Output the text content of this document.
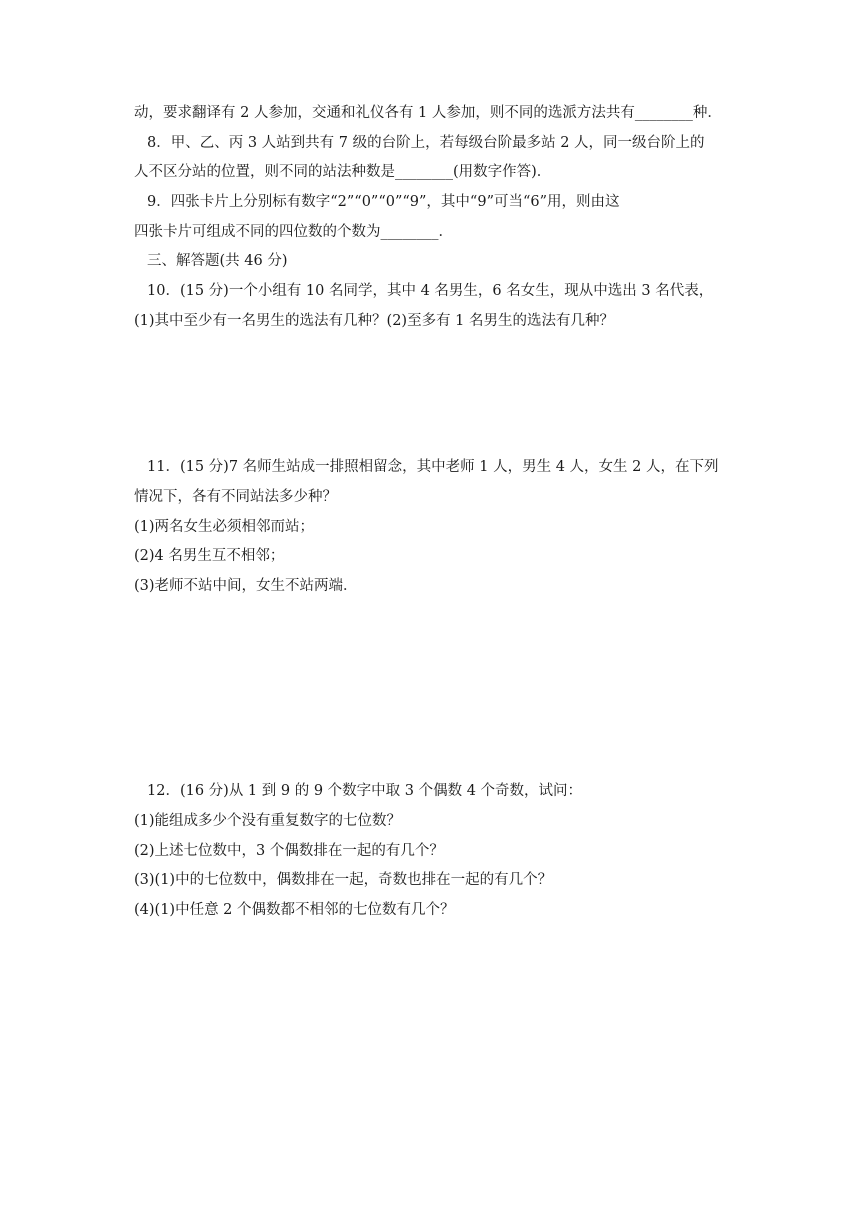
动，要求翻译有 2 人参加，交通和礼仪各有 1 人参加，则不同的选派方法共有________种．
8．甲、乙、丙 3 人站到共有 7 级的台阶上，若每级台阶最多站 2 人，同一级台阶上的
人不区分站的位置，则不同的站法种数是________(用数字作答)．
9．四张卡片上分别标有数字“2”“0”“0”“9”，其中“9”可当“6”用，则由这
四张卡片可组成不同的四位数的个数为________．
三、解答题(共 46 分)
10．(15 分)一个小组有 10 名同学，其中 4 名男生，6 名女生，现从中选出 3 名代表，
(1)其中至少有一名男生的选法有几种？(2)至多有 1 名男生的选法有几种？
11．(15 分)7 名师生站成一排照相留念，其中老师 1 人，男生 4 人，女生 2 人，在下列
情况下，各有不同站法多少种？
(1)两名女生必须相邻而站；
(2)4 名男生互不相邻；
(3)老师不站中间，女生不站两端．
12．(16 分)从 1 到 9 的 9 个数字中取 3 个偶数 4 个奇数，试问：
(1)能组成多少个没有重复数字的七位数？
(2)上述七位数中，3 个偶数排在一起的有几个？
(3)(1)中的七位数中，偶数排在一起，奇数也排在一起的有几个？
(4)(1)中任意 2 个偶数都不相邻的七位数有几个？
